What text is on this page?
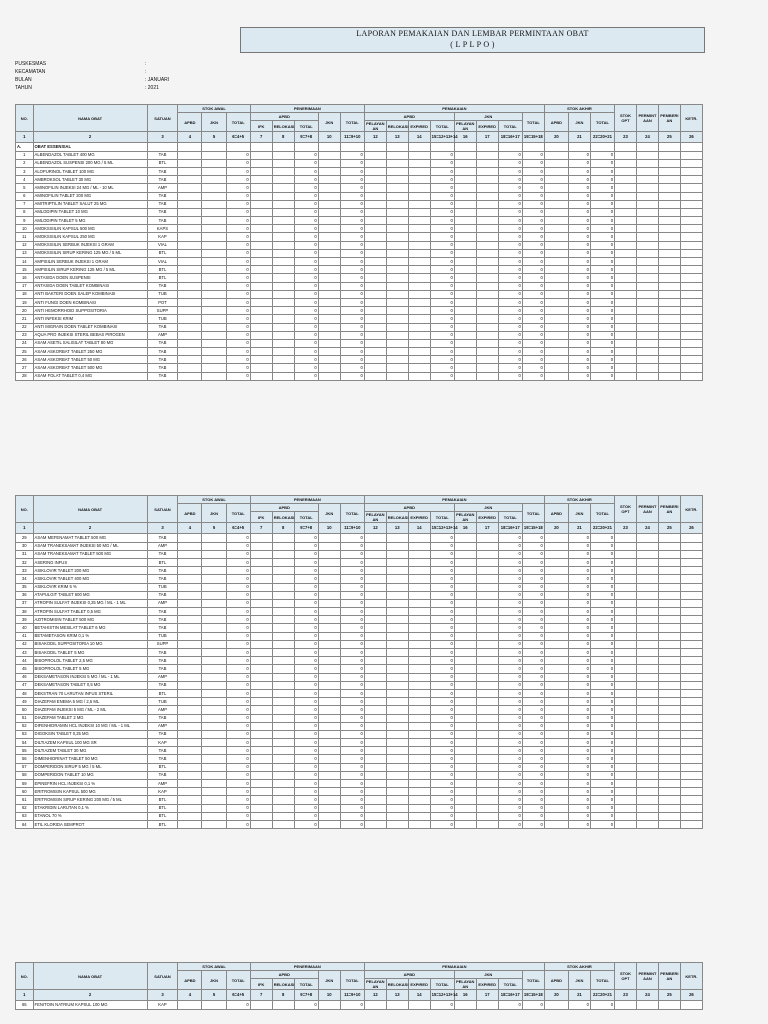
LAPORAN PEMAKAIAN DAN LEMBAR PERMINTAAN OBAT
( L P L P O )
PUSKESMAS	:
KECAMATAN	:
BULAN	: JANUARI
TAHUN	: 2021
NO.	NAMA OBAT	SATUAN	STOK AWAL			PENERIMAAN					PEMAKAIAN								STOK AKHIR			STOK OPT	PERMINT AAN	PEMBERI AN	KETR.
			APBD	JKN	TOTAL	APBD			JKN	TOTAL	APBD				JKN			TOTAL	APBD	JKN	TOTAL				
						IFK	RELOKASI	TOTAL			PELAYAN AN	RELOKASI	EXPIRED	TOTAL	PELAYAN AN	EXPIRED	TOTAL								
1	2	3	4	5	6=4+5	7	8	9=7+8	10	11=9+10	12	13	14	15=12+13+14	16	17	18=16+17	19=15+18	20	21	22=20+21	23	24	25	26
A.	OBAT ESSENSIAL																								
1	ALBENDAZOL TABLET 400 MG	TAB			0			0		0				0			0	0		0	0				
2	ALBENDAZOL SUSPENSI 200 MG / 5 ML	BTL			0			0		0				0			0	0		0	0				
3	ALOPURINOL TABLET 100 MG	TAB			0			0		0				0			0	0		0	0				
4	AMBROKSOL TABLET 30 MG	TAB			0			0		0				0			0	0		0	0				
5	AMINOFILIN INJEKSI 24 MG / ML - 10 ML	AMP			0			0		0				0			0	0		0	0				
6	AMINOFILIN TABLET 200 MG	TAB			0			0		0				0			0	0		0	0				
7	AMITRIPTILIN TABLET SALUT 25 MG	TAB			0			0		0				0			0	0		0	0				
8	AMLODIPIN TABLET 10 MG	TAB			0			0		0				0			0	0		0	0				
9	AMLODIPIN TABLET 5 MG	TAB			0			0		0				0			0	0		0	0				
10	AMOKSISILIN KAPSUL 500 MG	KAPS			0			0		0				0			0	0		0	0				
11	AMOKSISILIN KAPSUL 250 MG	KAP			0			0		0				0			0	0		0	0				
12	AMOKSISILIN SERBUK INJEKSI 1 GRAM	VIAL			0			0		0				0			0	0		0	0				
13	AMOKSISILIN SIRUP KERING 125 MG / 5 ML	BTL			0			0		0				0			0	0		0	0				
14	AMPISILIN SERBUK INJEKSI 1 GRAM	VIAL			0			0		0				0			0	0		0	0				
15	AMPISILIN SIRUP KERING 125 MG / 5 ML	BTL			0			0		0				0			0	0		0	0				
16	ANTASIDA DOEN SUSPENSI	BTL			0			0		0				0			0	0		0	0				
17	ANTASIDA DOEN TABLET KOMBINASI	TAB			0			0		0				0			0	0		0	0				
18	ANTI BAKTERI DOEN SALEP KOMBINASI	TUB			0			0		0				0			0	0		0	0				
19	ANTI FUNGI DOEN KOMBINASI	POT			0			0		0				0			0	0		0	0				
20	ANTI HEMORRHOID SUPPOSITORIA	SUPP			0			0		0				0			0	0		0	0				
21	ANTI INFEKSI KRIM	TUB			0			0		0				0			0	0		0	0				
22	ANTI MIGRAIN DOEN TABLET KOMBINASI	TAB			0			0		0				0			0	0		0	0				
23	AQUA PRO INJEKSI STERIL BEBAS PIROGEN	AMP			0			0		0				0			0	0		0	0				
24	ASAM ASETIL SALISILAT TABLET 80 MG	TAB			0			0		0				0			0	0		0	0				
25	ASAM ASKORBAT TABLET 250 MG	TAB			0			0		0				0			0	0		0	0				
26	ASAM ASKORBAT TABLET 50 MG	TAB			0			0		0				0			0	0		0	0				
27	ASAM ASKORBAT TABLET 500 MG	TAB			0			0		0				0			0	0		0	0				
28	ASAM FOLAT TABLET 0,4 MG	TAB			0			0		0				0			0	0		0	0				
NO.	NAMA OBAT	SATUAN	STOK AWAL			PENERIMAAN					PEMAKAIAN								STOK AKHIR			STOK OPT	PERMINT AAN	PEMBERI AN	KETR.
			APBD	JKN	TOTAL	APBD			JKN	TOTAL	APBD				JKN			TOTAL	APBD	JKN	TOTAL				
						IFK	RELOKASI	TOTAL			PELAYAN AN	RELOKASI	EXPIRED	TOTAL	PELAYAN AN	EXPIRED	TOTAL								
1	2	3	4	5	6=4+5	7	8	9=7+8	10	11=9+10	12	13	14	15=12+13+14	16	17	18=16+17	19=15+18	20	21	22=20+21	23	24	25	26
29	ASAM MEFENAMAT TABLET 500 MG	TAB			0			0		0				0			0	0		0	0				
30	ASAM TRANEKSAMAT INJEKSI 50 MG / ML	AMP			0			0		0				0			0	0		0	0				
31	ASAM TRANEKSAMAT TABLET 500 MG	TAB			0			0		0				0			0	0		0	0				
32	ASERING INFUS	BTL			0			0		0				0			0	0		0	0				
33	ASIKLOVIR TABLET 200 MG	TAB			0			0		0				0			0	0		0	0				
34	ASIKLOVIR TABLET 400 MG	TAB			0			0		0				0			0	0		0	0				
35	ASIKLOVIR KRIM 5 %	TUB			0			0		0				0			0	0		0	0				
36	ATAPULGIT TABLET 600 MG	TAB			0			0		0				0			0	0		0	0				
37	ATROPIN SULFAT INJEKSI 0,25 MG / ML - 1 ML	AMP			0			0		0				0			0	0		0	0				
38	ATROPIN SULFAT TABLET 0,5 MG	TAB			0			0		0				0			0	0		0	0				
39	AZITROMISIN TABLET 500 MG	TAB			0			0		0				0			0	0		0	0				
40	BETAHISTIN MESILAT TABLET 6 MG	TAB			0			0		0				0			0	0		0	0				
41	BETAMETASON KRIM 0,1 %	TUB			0			0		0				0			0	0		0	0				
42	BISAKODIL SUPPOSITORIA 10 MG	SUPP			0			0		0				0			0	0		0	0				
43	BISAKODIL TABLET 5 MG	TAB			0			0		0				0			0	0		0	0				
44	BISOPROLOL TABLET 2,5 MG	TAB			0			0		0				0			0	0		0	0				
45	BISOPROLOL TABLET 5 MG	TAB			0			0		0				0			0	0		0	0				
46	DEKSAMETASON INJEKSI 5 MG / ML - 1 ML	AMP			0			0		0				0			0	0		0	0				
47	DEKSAMETASON TABLET 0,5 MG	TAB			0			0		0				0			0	0		0	0				
48	DEKSTRAN 70 LARUTAN INFUS STERIL	BTL			0			0		0				0			0	0		0	0				
49	DIAZEPAM ENEMA 5 MG / 2,5 ML	TUB			0			0		0				0			0	0		0	0				
50	DIAZEPAM INJEKSI 5 MG / ML - 2 ML	AMP			0			0		0				0			0	0		0	0				
51	DIAZEPAM TABLET 2 MG	TAB			0			0		0				0			0	0		0	0				
52	DIFENHIDRAMIN HCL INJEKSI 10 MG / ML - 1 ML	AMP			0			0		0				0			0	0		0	0				
53	DIGOKSIN TABLET 0,25 MG	TAB			0			0		0				0			0	0		0	0				
54	DILTIAZEM KAPSUL 100 MG SR	KAP			0			0		0				0			0	0		0	0				
55	DILTIAZEM TABLET 30 MG	TAB			0			0		0				0			0	0		0	0				
56	DIMENHIDRINAT TABLET 50 MG	TAB			0			0		0				0			0	0		0	0				
57	DOMPERIDON SIRUP 5 MG / 5 ML	BTL			0			0		0				0			0	0		0	0				
58	DOMPERIDON TABLET 10 MG	TAB			0			0		0				0			0	0		0	0				
59	EPINEFRIN HCL INJEKSI 0,1 %	AMP			0			0		0				0			0	0		0	0				
60	ERITROMISIN KAPSUL 500 MG	KAP			0			0		0				0			0	0		0	0				
61	ERITROMISIN SIRUP KERING 200 MG / 5 ML	BTL			0			0		0				0			0	0		0	0				
62	ETAKRIDIN LARUTAN 0,1 %	BTL			0			0		0				0			0	0		0	0				
63	ETANOL 70 %	BTL			0			0		0				0			0	0		0	0				
64	ETIL KLORIDA SEMPROT	BTL			0			0		0				0			0	0		0	0				
NO.	NAMA OBAT	SATUAN	STOK AWAL			PENERIMAAN					PEMAKAIAN								STOK AKHIR			STOK OPT	PERMINT AAN	PEMBERI AN	KETR.
			APBD	JKN	TOTAL	APBD			JKN	TOTAL	APBD				JKN			TOTAL	APBD	JKN	TOTAL				
						IFK	RELOKASI	TOTAL			PELAYAN AN	RELOKASI	EXPIRED	TOTAL	PELAYAN AN	EXPIRED	TOTAL								
1	2	3	4	5	6=4+5	7	8	9=7+8	10	11=9+10	12	13	14	15=12+13+14	16	17	18=16+17	19=15+18	20	21	22=20+21	23	24	25	26
65	FENITOIN NATRIUM KAPSUL 100 MG	KAP			0			0		0				0			0	0		0	0				
